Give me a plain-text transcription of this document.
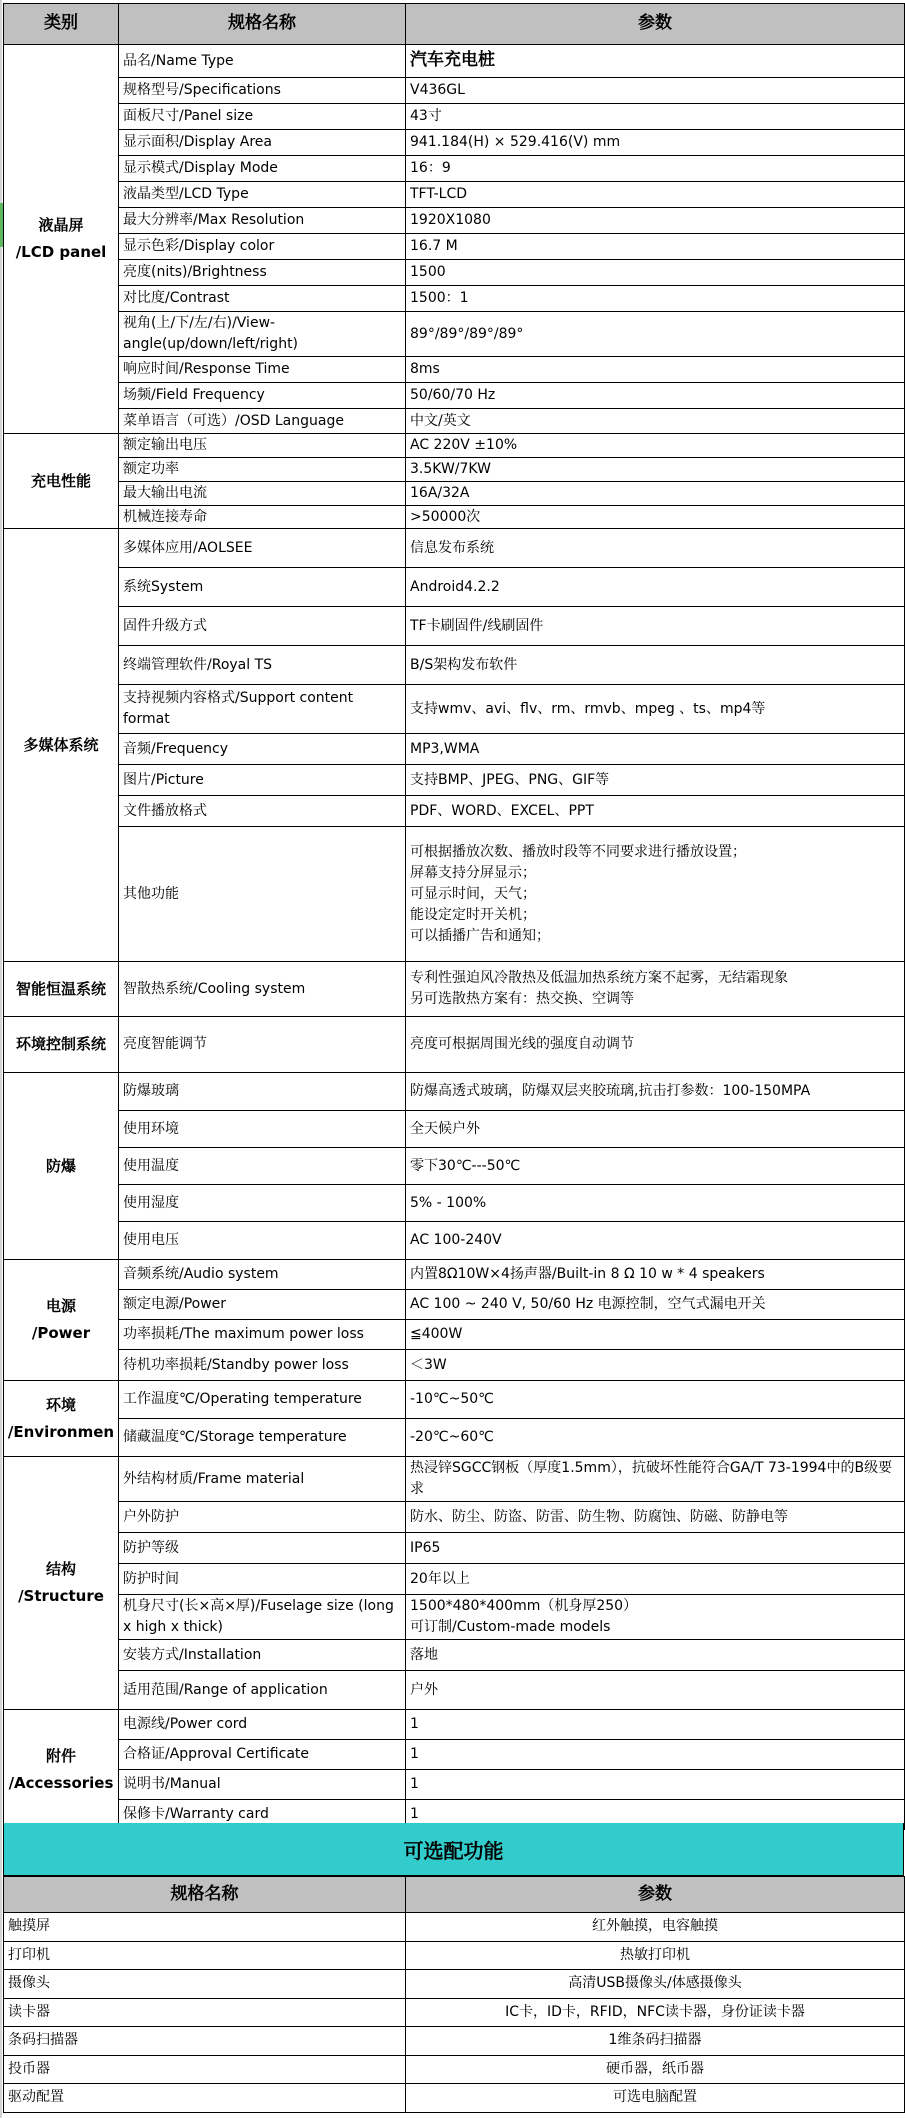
类别	规格名称	参数

液晶屏
/LCD panel	品名/Name Type	汽车充电桩
	规格型号/Specifications	V436GL
	面板尺寸/Panel size	43寸
	显示面积/Display Area	941.184(H) × 529.416(V) mm
	显示模式/Display Mode	16：9
	液晶类型/LCD Type	TFT-LCD
	最大分辨率/Max Resolution	1920X1080
	显示色彩/Display color	16.7 M
	亮度(nits)/Brightness	1500
	对比度/Contrast	1500：1
	视角(上/下/左/右)/View-angle(up/down/left/right)	89°/89°/89°/89°
	响应时间/Response Time	8ms
	场频/Field Frequency	50/60/70 Hz
	菜单语言（可选）/OSD Language	中文/英文

充电性能	额定输出电压	AC 220V ±10%
	额定功率	3.5KW/7KW
	最大输出电流	16A/32A
	机械连接寿命	>50000次

多媒体系统	多媒体应用/AOLSEE	信息发布系统
	系统System	Android4.2.2
	固件升级方式	TF卡刷固件/线刷固件
	终端管理软件/Royal TS	B/S架构发布软件
	支持视频内容格式/Support content format	支持wmv、avi、flv、rm、rmvb、mpeg 、ts、mp4等
	音频/Frequency	MP3,WMA
	图片/Picture	支持BMP、JPEG、PNG、GIF等
	文件播放格式	PDF、WORD、EXCEL、PPT
	其他功能	可根据播放次数、播放时段等不同要求进行播放设置；
屏幕支持分屏显示；
可显示时间，天气；
能设定定时开关机；
可以插播广告和通知；

智能恒温系统	智散热系统/Cooling system	专利性强迫风冷散热及低温加热系统方案不起雾，无结霜现象
另可选散热方案有：热交换、空调等

环境控制系统	亮度智能调节	亮度可根据周围光线的强度自动调节

防爆	防爆玻璃	防爆高透式玻璃，防爆双层夹胶琉璃,抗击打参数：100-150MPA
	使用环境	全天候户外
	使用温度	零下30℃---50℃
	使用湿度	5% - 100%
	使用电压	AC 100-240V

电源
/Power	音频系统/Audio system	内置8Ω10W×4扬声器/Built-in 8 Ω 10 w * 4 speakers
	额定电源/Power	AC 100 ~ 240 V, 50/60 Hz 电源控制，空气式漏电开关
	功率损耗/The maximum power loss	≦400W
	待机功率损耗/Standby power loss	＜3W

环境
/Environmen	工作温度℃/Operating temperature	-10℃~50℃
	储藏温度℃/Storage temperature	-20℃~60℃

结构
/Structure	外结构材质/Frame material	热浸锌SGCC钢板（厚度1.5mm），抗破坏性能符合GA/T 73-1994中的B级要求
	户外防护	防水、防尘、防盗、防雷、防生物、防腐蚀、防磁、防静电等
	防护等级	IP65
	防护时间	20年以上
	机身尺寸(长×高×厚)/Fuselage size (long x high x thick)	1500*480*400mm（机身厚250）
可订制/Custom-made models

	安装方式/Installation	落地
	适用范围/Range of application	户外

附件
/Accessories	电源线/Power cord	1
	合格证/Approval Certificate	1
	说明书/Manual	1
	保修卡/Warranty card	1
可选配功能
规格名称	参数
触摸屏	红外触摸，电容触摸
打印机	热敏打印机
摄像头	高清USB摄像头/体感摄像头
读卡器	IC卡，ID卡，RFID，NFC读卡器，身份证读卡器
条码扫描器	1维条码扫描器
投币器	硬币器，纸币器
驱动配置	可选电脑配置
